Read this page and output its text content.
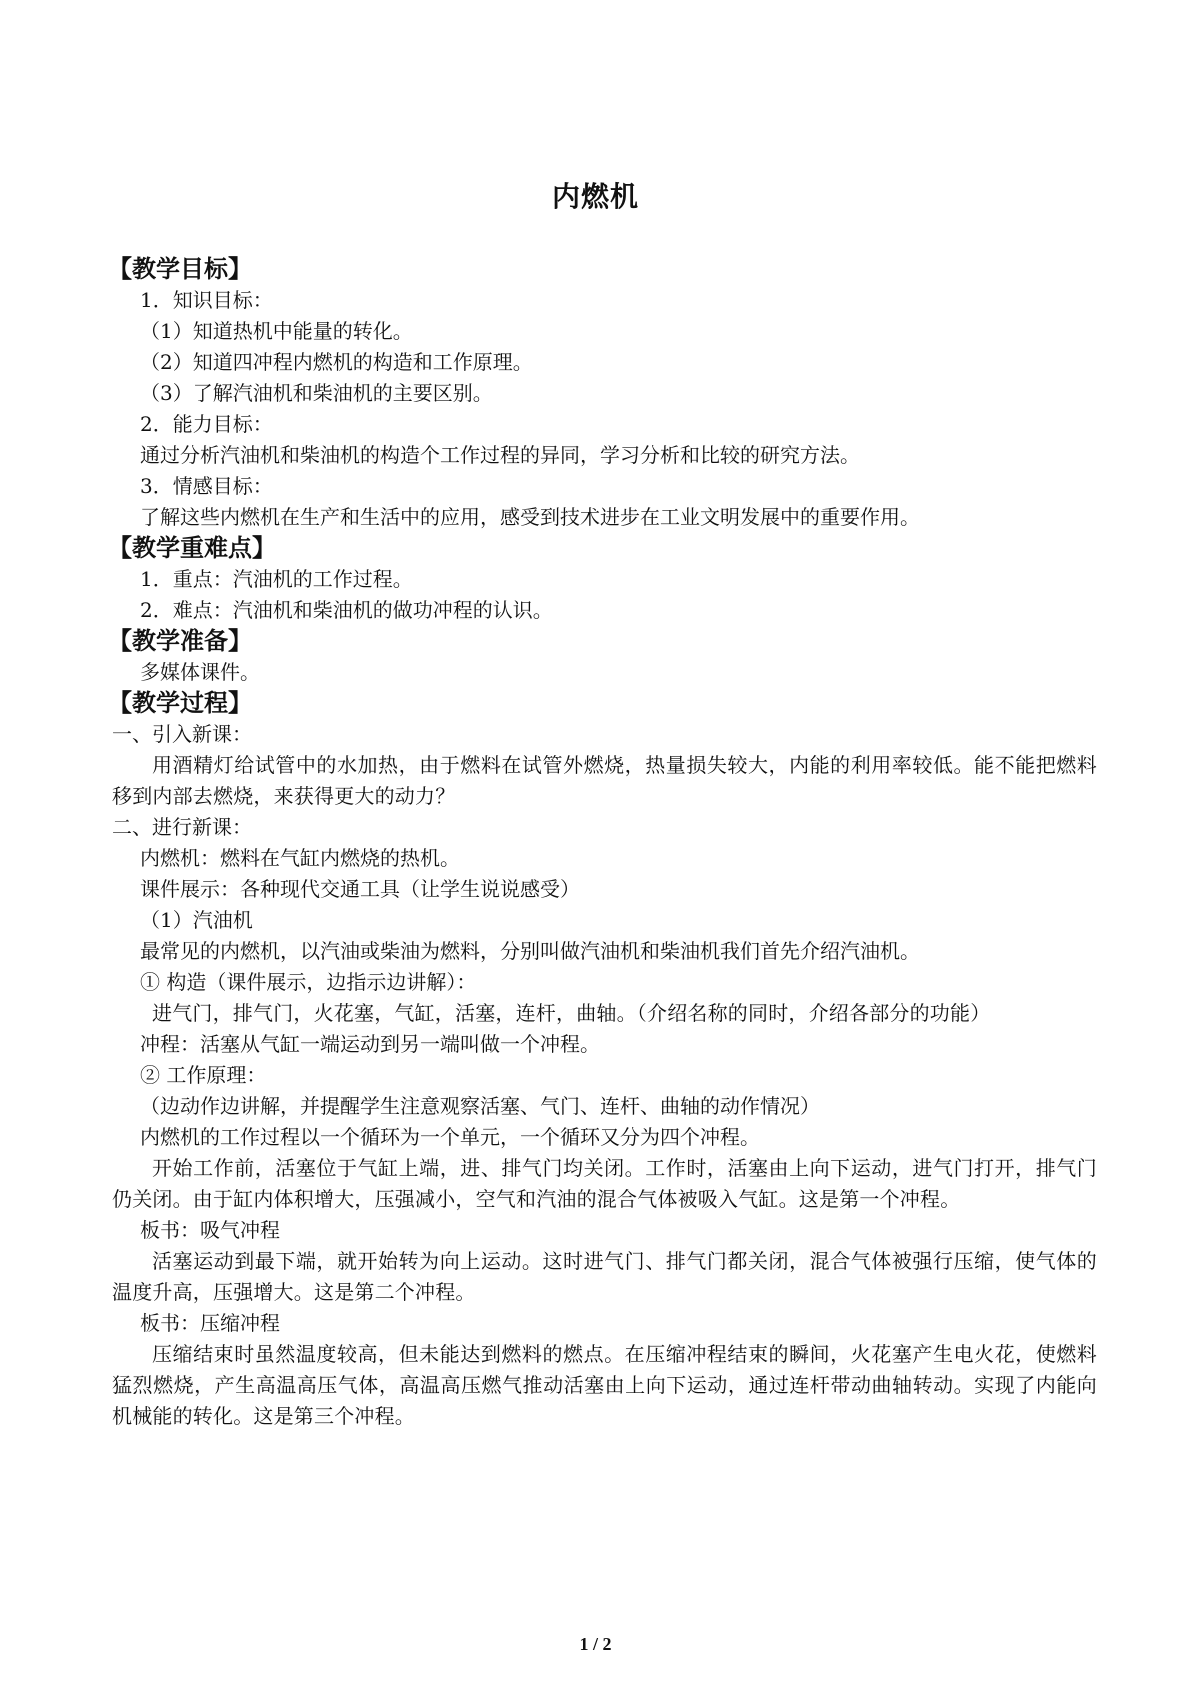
内燃机
【教学目标】
1．知识目标：
（1）知道热机中能量的转化。
（2）知道四冲程内燃机的构造和工作原理。
（3）了解汽油机和柴油机的主要区别。
2．能力目标：
通过分析汽油机和柴油机的构造个工作过程的异同，学习分析和比较的研究方法。
3．情感目标：
了解这些内燃机在生产和生活中的应用，感受到技术进步在工业文明发展中的重要作用。
【教学重难点】
1．重点：汽油机的工作过程。
2．难点：汽油机和柴油机的做功冲程的认识。
【教学准备】
多媒体课件。
【教学过程】
一、引入新课：
用酒精灯给试管中的水加热，由于燃料在试管外燃烧，热量损失较大，内能的利用率较低。能不能把燃料移到内部去燃烧，来获得更大的动力？
二、进行新课：
内燃机：燃料在气缸内燃烧的热机。
课件展示：各种现代交通工具（让学生说说感受）
（1）汽油机
最常见的内燃机，以汽油或柴油为燃料，分别叫做汽油机和柴油机我们首先介绍汽油机。
① 构造（课件展示，边指示边讲解）：
进气门，排气门，火花塞，气缸，活塞，连杆，曲轴。（介绍名称的同时，介绍各部分的功能）
冲程：活塞从气缸一端运动到另一端叫做一个冲程。
② 工作原理：
（边动作边讲解，并提醒学生注意观察活塞、气门、连杆、曲轴的动作情况）
内燃机的工作过程以一个循环为一个单元，一个循环又分为四个冲程。
开始工作前，活塞位于气缸上端，进、排气门均关闭。工作时，活塞由上向下运动，进气门打开，排气门仍关闭。由于缸内体积增大，压强减小，空气和汽油的混合气体被吸入气缸。这是第一个冲程。
板书：吸气冲程
活塞运动到最下端，就开始转为向上运动。这时进气门、排气门都关闭，混合气体被强行压缩，使气体的温度升高，压强增大。这是第二个冲程。
板书：压缩冲程
压缩结束时虽然温度较高，但未能达到燃料的燃点。在压缩冲程结束的瞬间，火花塞产生电火花，使燃料猛烈燃烧，产生高温高压气体，高温高压燃气推动活塞由上向下运动，通过连杆带动曲轴转动。实现了内能向机械能的转化。这是第三个冲程。
1 / 2
